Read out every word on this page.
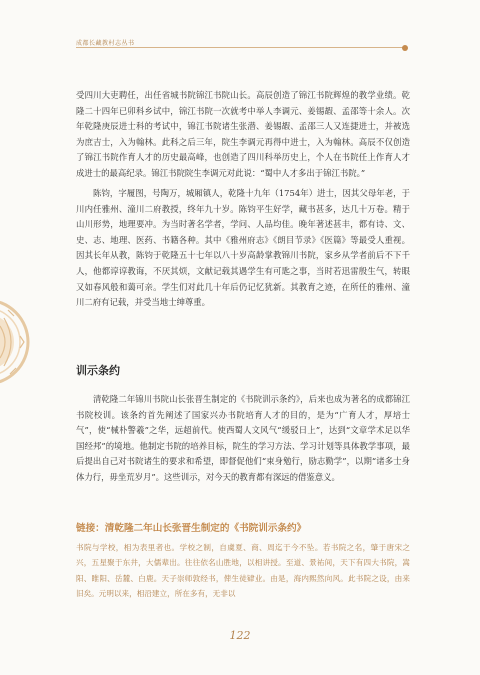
成都长藏教村志丛书

受四川大吏聘任，出任省城书院锦江书院山长。高辰创造了锦江书院辉煌的教学业绩。乾隆二十四年已卯科乡试中，锦江书院一次就考中举人李调元、姜锡嘏、孟邵等十余人。次年乾隆庚辰进士科的考试中，锦江书院诸生张潜、姜锡嘏、孟邵三人又连捷进士，并被选为庶吉士，入为翰林。此科之后三年，院生李调元再得中进士，入为翰林。高辰不仅创造了锦江书院作育人才的历史最高峰，也创造了四川科举历史上，个人在书院任上作育人才成进士的最高纪录。锦江书院院生李调元对此说：“蜀中人才多出于锦江书院。”

陈钧，字履图，号陶万，城厢镇人，乾隆十九年（1754年）进士，因其父母年老，于川内任雅州、潼川二府教授，终年九十岁。陈钧平生好学，藏书甚多，达几十万卷。精于山川形势，地理要冲。为当时著名学者，学问、人品均佳。晚年著述甚丰，都有诗、文、史、志、地理、医药、书籍各种。其中《雅州府志》《朗目节录》《医篇》等最受人重视。因其长年从教，陈钧于乾隆五十七年以八十岁高龄掌教锦川书院，家乡从学者前后不下千人，他都谆谆教诲，不厌其烦，文献记载其遇学生有可匙之事，当时若迅雷殷生气，转眼又如春风般和蔼可亲。学生们对此几十年后仍记忆犹新。其教育之迹，在所任的雅州、潼川二府有记载，并受当地士绅尊重。

训示条约

清乾隆二年锦川书院山长张晋生制定的《书院训示条约》，后来也成为著名的成都锦江书院校训。该条约首先阐述了国家兴办书院培育人才的目的，是为“广育人才，厚培士气”，使“械朴警羲”之华，远超前代。使西蜀人文风气“缓驳日上”，达到“文章学术足以华国经邦”的境地。他制定书院的培养目标，院生的学习方法、学习计划等具体教学事项，最后提出自己对书院诸生的要求和希望，即督促他们“束身勉行，励志勤学”，以期“诸多士身体力行，毋坐荒岁月”。这些训示，对今天的教育都有深远的借鉴意义。

链接：清乾隆二年山长张晋生制定的《书院训示条约》

书院与学校，相为表里者也。学校之制，自虞夏、商、周迄于今不坠。若书院之名，肇于唐宋之兴，五星聚于东井，大儒辈出。往往依名山胜地，以相讲授。至道、景祐间，天下有四大书院，嵩阳、睢阳、岳麓、白鹿。天子崇师敦经书，俾生徒肄业。由是，海内熙然向风。此书院之设，由来旧矣。元明以来，相沿建立，所在多有，无非以

122
